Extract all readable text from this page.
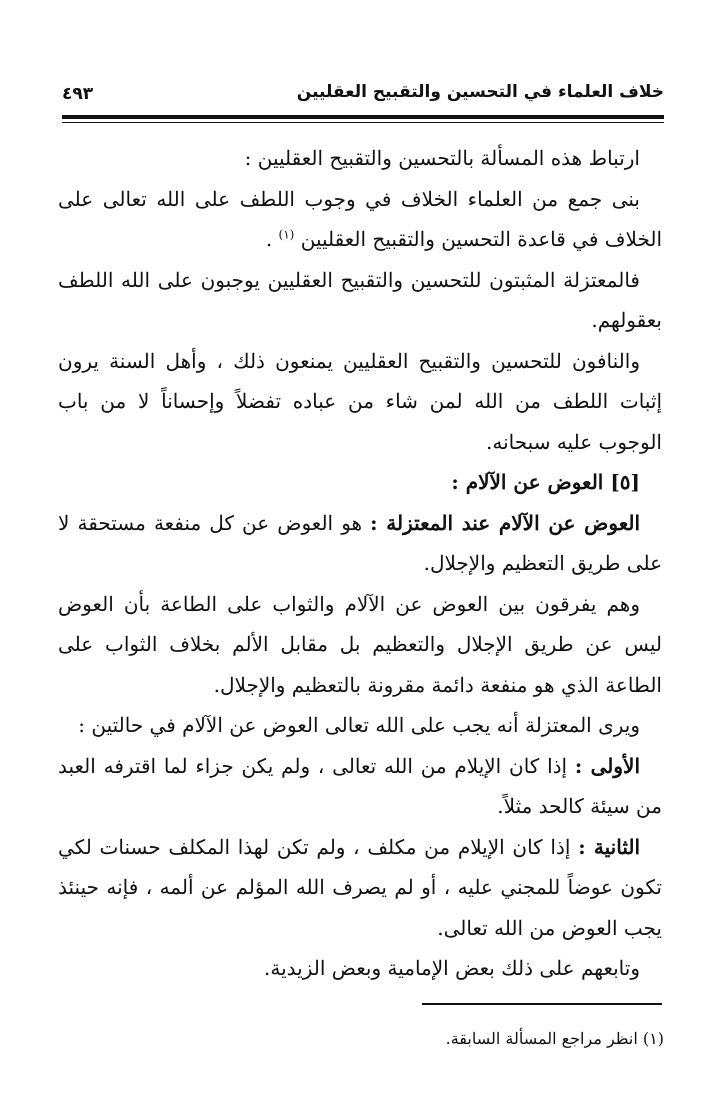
خلاف العلماء في التحسين والتقبيح العقليين
٤٩٣

ارتباط هذه المسألة بالتحسين والتقبيح العقليين :

بنى جمع من العلماء الخلاف في وجوب اللطف على الله تعالى على الخلاف في قاعدة التحسين والتقبيح العقليين $^{(١)}$ .

فالمعتزلة المثبتون للتحسين والتقبيح العقليين يوجبون على الله اللطف بعقولهم.

والنافون للتحسين والتقبيح العقليين يمنعون ذلك ، وأهل السنة يرون إثبات اللطف من الله لمن شاء من عباده تفضلاً وإحساناً لا من باب الوجوب عليه سبحانه.

[٥] العوض عن الآلام :

العوض عن الآلام عند المعتزلة : هو العوض عن كل منفعة مستحقة لا على طريق التعظيم والإجلال.

وهم يفرقون بين العوض عن الآلام والثواب على الطاعة بأن العوض ليس عن طريق الإجلال والتعظيم بل مقابل الألم بخلاف الثواب على الطاعة الذي هو منفعة دائمة مقرونة بالتعظيم والإجلال.

ويرى المعتزلة أنه يجب على الله تعالى العوض عن الآلام في حالتين :

الأولى : إذا كان الإيلام من الله تعالى ، ولم يكن جزاء لما اقترفه العبد من سيئة كالحد مثلاً.

الثانية : إذا كان الإيلام من مكلف ، ولم تكن لهذا المكلف حسنات لكي تكون عوضاً للمجني عليه ، أو لم يصرف الله المؤلم عن ألمه ، فإنه حينئذ يجب العوض من الله تعالى.

وتابعهم على ذلك بعض الإمامية وبعض الزيدية.

(١) انظر مراجع المسألة السابقة.
